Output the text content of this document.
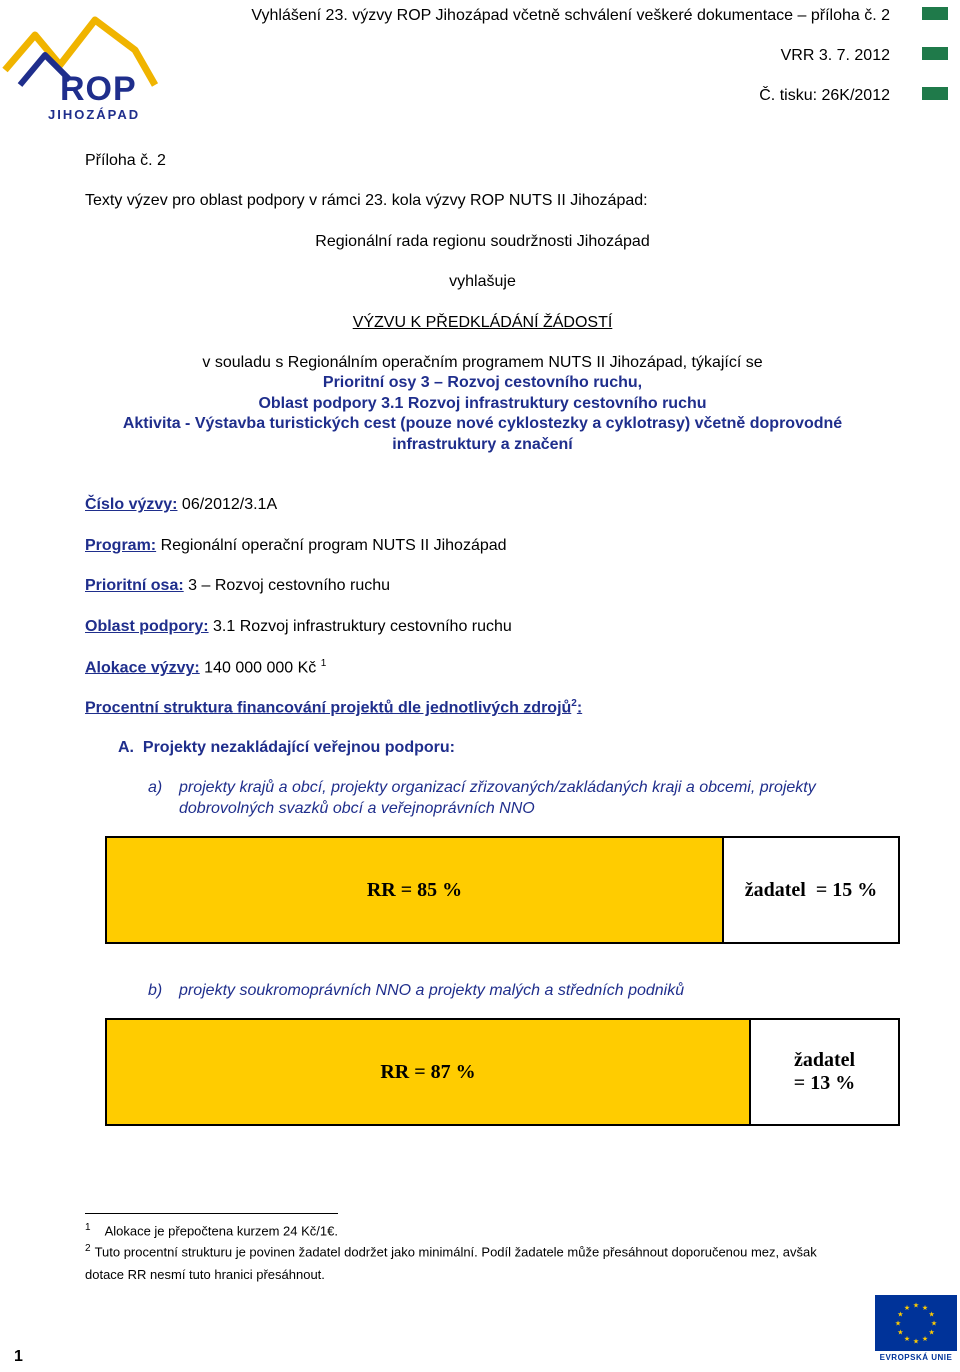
ROP
JIHOZÁPAD
Vyhlášení 23. výzvy ROP Jihozápad včetně schválení veškeré dokumentace – příloha č. 2
VRR 3. 7. 2012
Č. tisku: 26K/2012
Příloha č. 2
Texty výzev pro oblast podpory v rámci 23. kola výzvy ROP NUTS II Jihozápad:
Regionální rada regionu soudržnosti Jihozápad
vyhlašuje
VÝZVU K PŘEDKLÁDÁNÍ ŽÁDOSTÍ
v souladu s Regionálním operačním programem NUTS II Jihozápad, týkající se
Prioritní osy 3 – Rozvoj cestovního ruchu,
Oblast podpory 3.1 Rozvoj infrastruktury cestovního ruchu
Aktivita - Výstavba turistických cest (pouze nové cyklostezky a cyklotrasy) včetně doprovodné
infrastruktury a značení
Číslo výzvy: 06/2012/3.1A
Program: Regionální operační program NUTS II Jihozápad
Prioritní osa: 3 – Rozvoj cestovního ruchu
Oblast podpory: 3.1 Rozvoj infrastruktury cestovního ruchu
Alokace výzvy: 140 000 000 Kč $^1$
Procentní struktura financování projektů dle jednotlivých zdrojů$^2$:
A.  Projekty nezakládající veřejnou podporu:
a) projekty krajů a obcí, projekty organizací zřizovaných/zakládaných kraji a obcemi, projekty
dobrovolných svazků obcí a veřejnoprávních NNO
RR = 85 %	žadatel  = 15 %
b) projekty soukromoprávních NNO a projekty malých a středních podniků
RR = 87 %
žadatel
= 13 %
$^1$ Alokace je přepočtena kurzem 24 Kč/1€.
$^2$ Tuto procentní strukturu je povinen žadatel dodržet jako minimální. Podíl žadatele může přesáhnout doporučenou mez, avšak
dotace RR nesmí tuto hranici přesáhnout.
1
★
★
★
★
★
★
★
★
★ ★ ★
★
EVROPSKÁ UNIE
